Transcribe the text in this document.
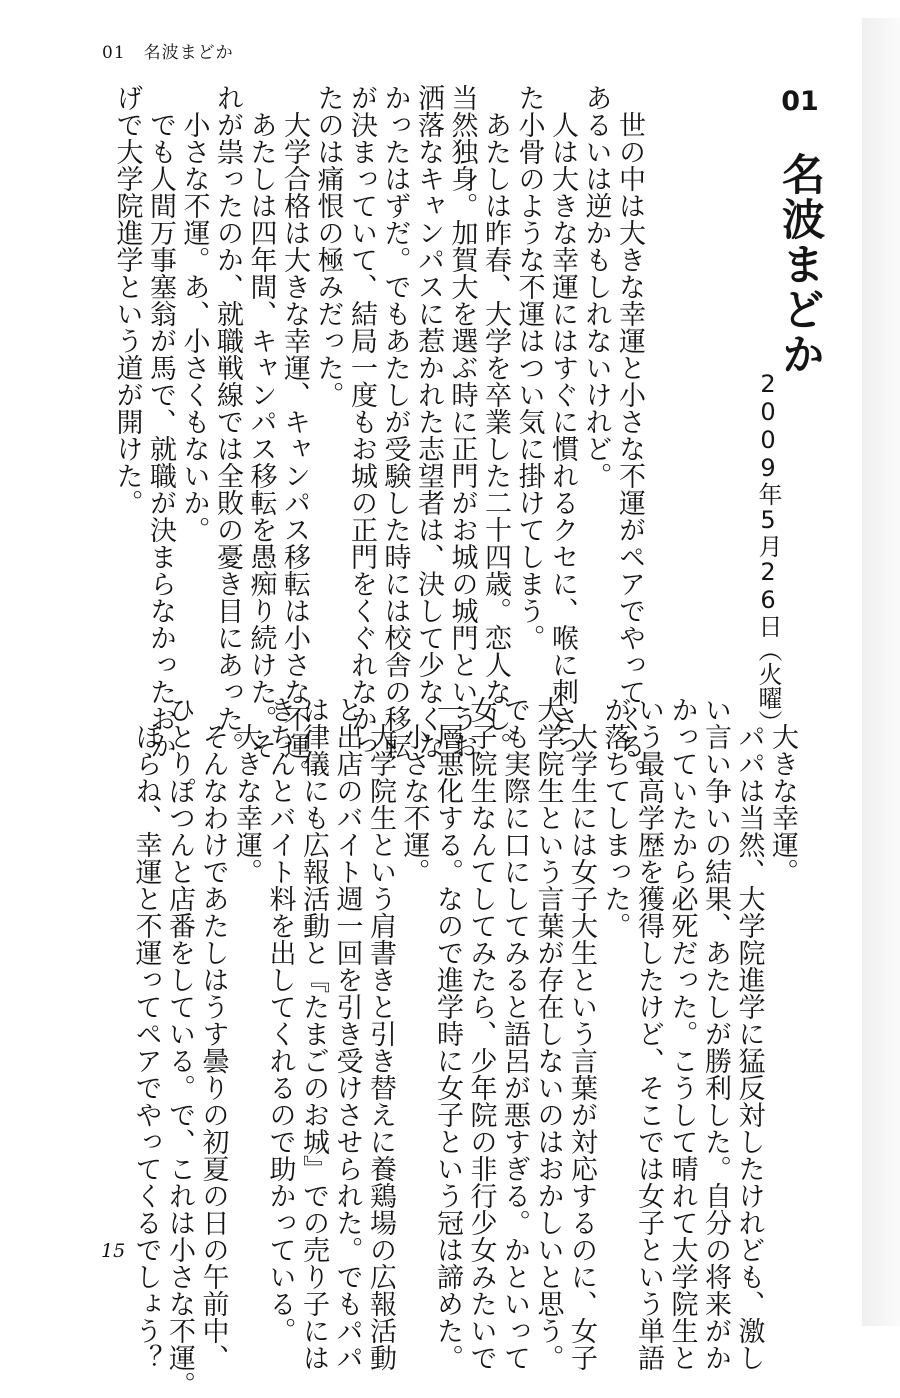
01 名波まどか
01
名波まどか
2009年5月26日（火曜）
　世の中は大きな幸運と小さな不運がペアでやってくる。
あるいは逆かもしれないけれど。
　人は大きな幸運にはすぐに慣れるクセに、喉に刺さっ
た小骨のような不運はつい気に掛けてしまう。
　あたしは昨春、大学を卒業した二十四歳。恋人なし。
当然独身。加賀大を選ぶ時に正門がお城の城門というお
洒落なキャンパスに惹かれた志望者は、決して少なくな
かったはずだ。でもあたしが受験した時には校舎の移転
が決まっていて、結局一度もお城の正門をくぐれなかっ
たのは痛恨の極みだった。
　大学合格は大きな幸運、キャンパス移転は小さな不運。
　あたしは四年間、キャンパス移転を愚痴り続けた。そ
れが祟ったのか、就職戦線では全敗の憂き目にあった。
　小さな不運。あ、小さくもないか。
　でも人間万事塞翁が馬で、就職が決まらなかったおか
げで大学院進学という道が開けた。
　大きな幸運。
　パパは当然、大学院進学に猛反対したけれども、激し
い言い争いの結果、あたしが勝利した。自分の将来がか
かっていたから必死だった。こうして晴れて大学院生と
いう最高学歴を獲得したけど、そこでは女子という単語
が落ちてしまった。
　大学生には女子大生という言葉が対応するのに、女子
大学院生という言葉が存在しないのはおかしいと思う。
でも実際に口にしてみると語呂が悪すぎる。かといって
女子院生なんてしてみたら、少年院の非行少女みたいで
一層悪化する。なので進学時に女子という冠は諦めた。
　小さな不運。
　大学院生という肩書きと引き替えに養鶏場の広報活動
と出店のバイト週一回を引き受けさせられた。でもパパ
は律儀にも広報活動と『たまごのお城』での売り子には
きちんとバイト料を出してくれるので助かっている。
　大きな幸運。
　そんなわけであたしはうす曇りの初夏の日の午前中、
ひとりぽつんと店番をしている。で、これは小さな不運。
　ほらね、幸運と不運ってペアでやってくるでしょう？
15
